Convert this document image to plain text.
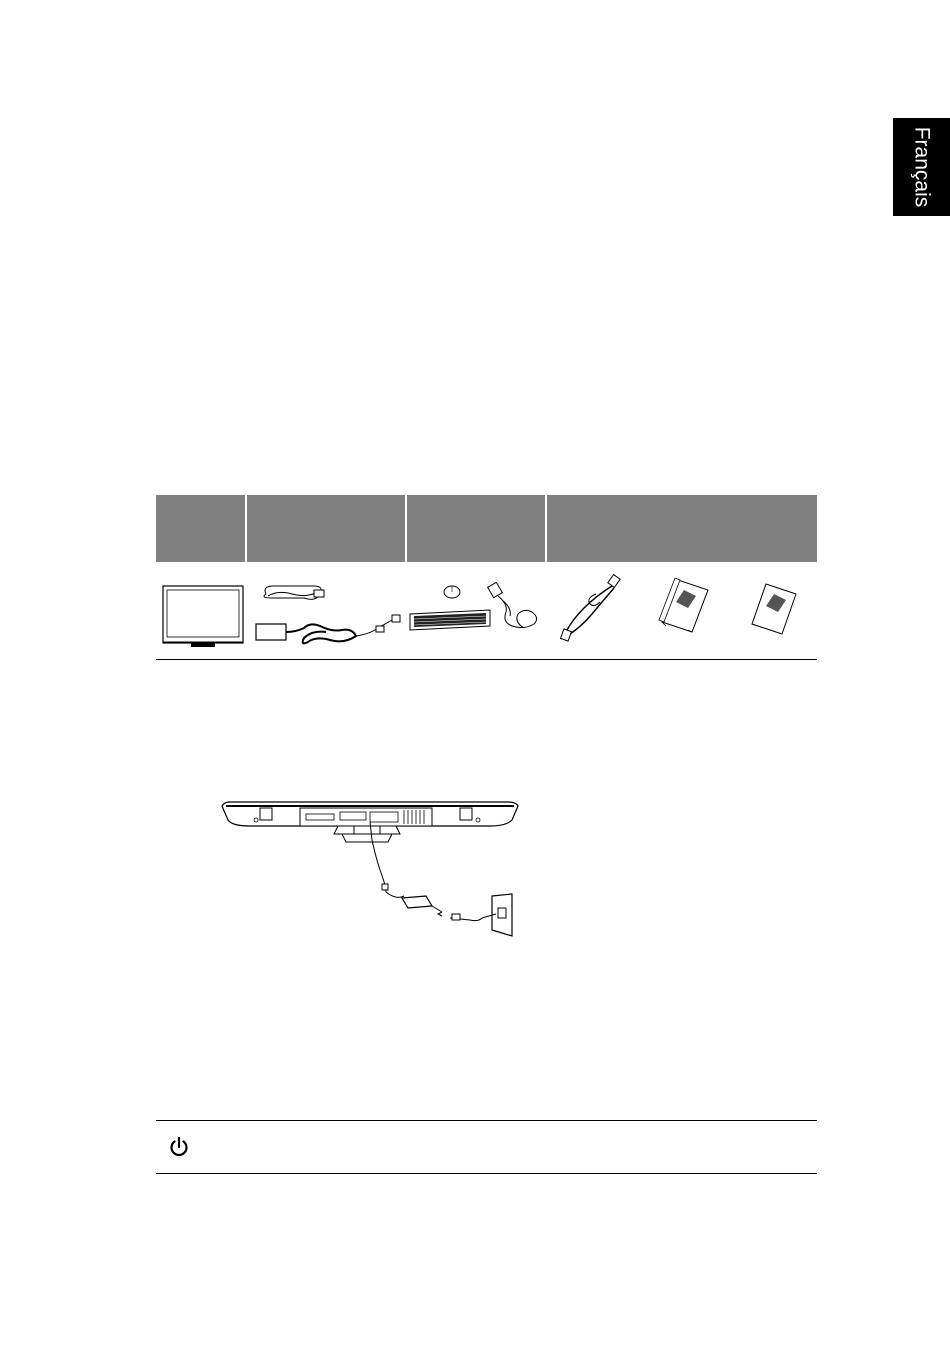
Français
